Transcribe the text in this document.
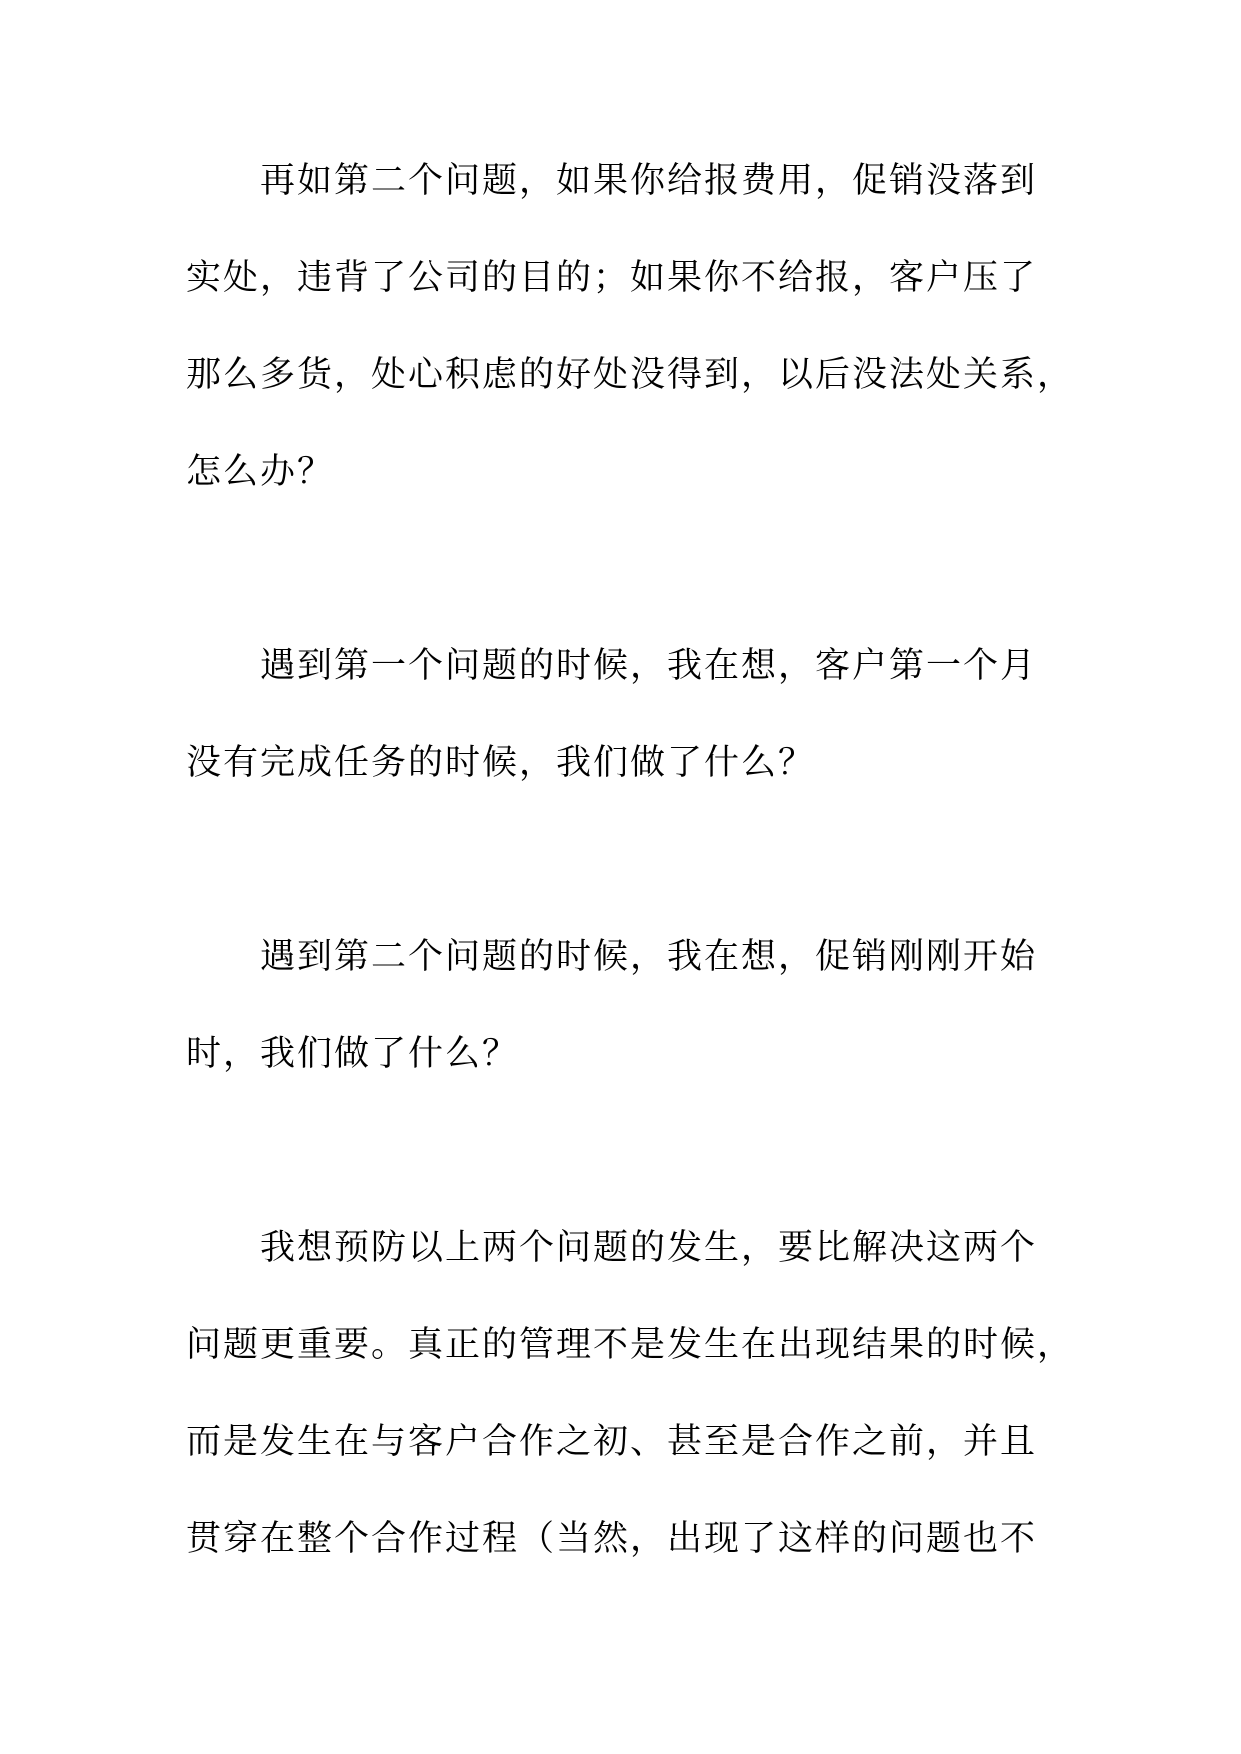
　　再如第二个问题，如果你给报费用，促销没落到
实处，违背了公司的目的；如果你不给报，客户压了
那么多货，处心积虑的好处没得到，以后没法处关系，
怎么办？

　　遇到第一个问题的时候，我在想，客户第一个月
没有完成任务的时候，我们做了什么？

　　遇到第二个问题的时候，我在想，促销刚刚开始
时，我们做了什么？

　　我想预防以上两个问题的发生，要比解决这两个
问题更重要。真正的管理不是发生在出现结果的时候，
而是发生在与客户合作之初、甚至是合作之前，并且
贯穿在整个合作过程（当然，出现了这样的问题也不
